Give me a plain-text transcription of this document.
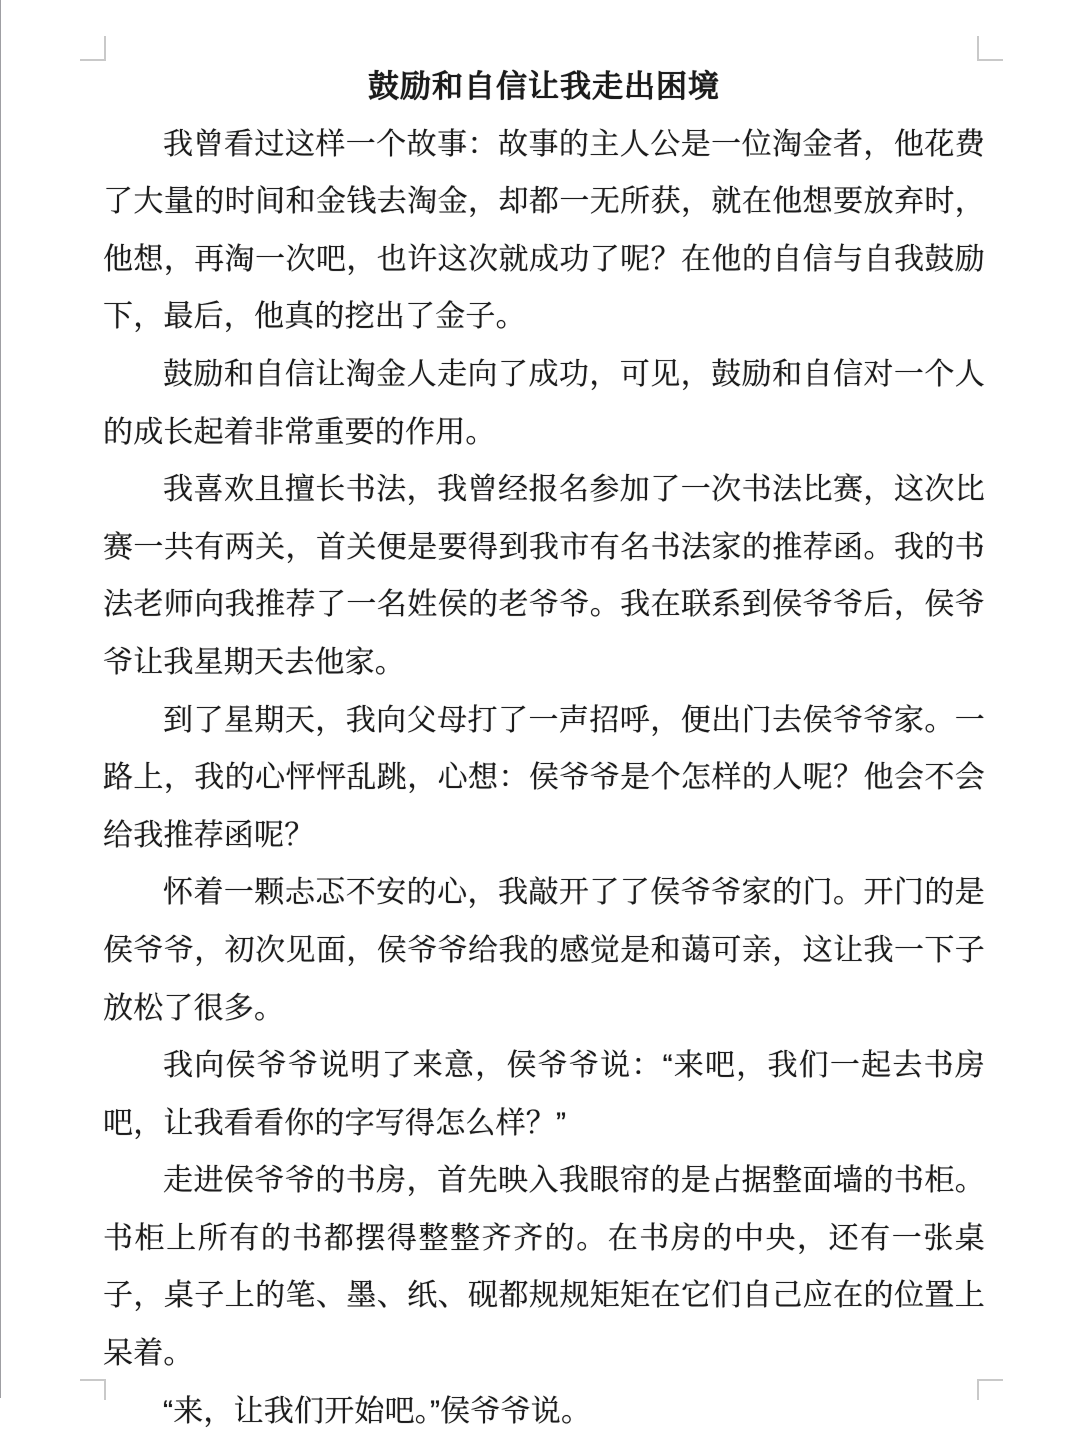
鼓励和自信让我走出困境

我曾看过这样一个故事：故事的主人公是一位淘金者，他花费了大量的时间和金钱去淘金，却都一无所获，就在他想要放弃时，他想，再淘一次吧，也许这次就成功了呢？在他的自信与自我鼓励下，最后，他真的挖出了金子。

鼓励和自信让淘金人走向了成功，可见，鼓励和自信对一个人的成长起着非常重要的作用。

我喜欢且擅长书法，我曾经报名参加了一次书法比赛，这次比赛一共有两关，首关便是要得到我市有名书法家的推荐函。我的书法老师向我推荐了一名姓侯的老爷爷。我在联系到侯爷爷后，侯爷爷让我星期天去他家。

到了星期天，我向父母打了一声招呼，便出门去侯爷爷家。一路上，我的心怦怦乱跳，心想：侯爷爷是个怎样的人呢？他会不会给我推荐函呢？

怀着一颗忐忑不安的心，我敲开了了侯爷爷家的门。开门的是侯爷爷，初次见面，侯爷爷给我的感觉是和蔼可亲，这让我一下子放松了很多。

我向侯爷爷说明了来意，侯爷爷说：“来吧，我们一起去书房吧，让我看看你的字写得怎么样？”

走进侯爷爷的书房，首先映入我眼帘的是占据整面墙的书柜。书柜上所有的书都摆得整整齐齐的。在书房的中央，还有一张桌子，桌子上的笔、墨、纸、砚都规规矩矩在它们自己应在的位置上呆着。

“来，让我们开始吧。”侯爷爷说。
